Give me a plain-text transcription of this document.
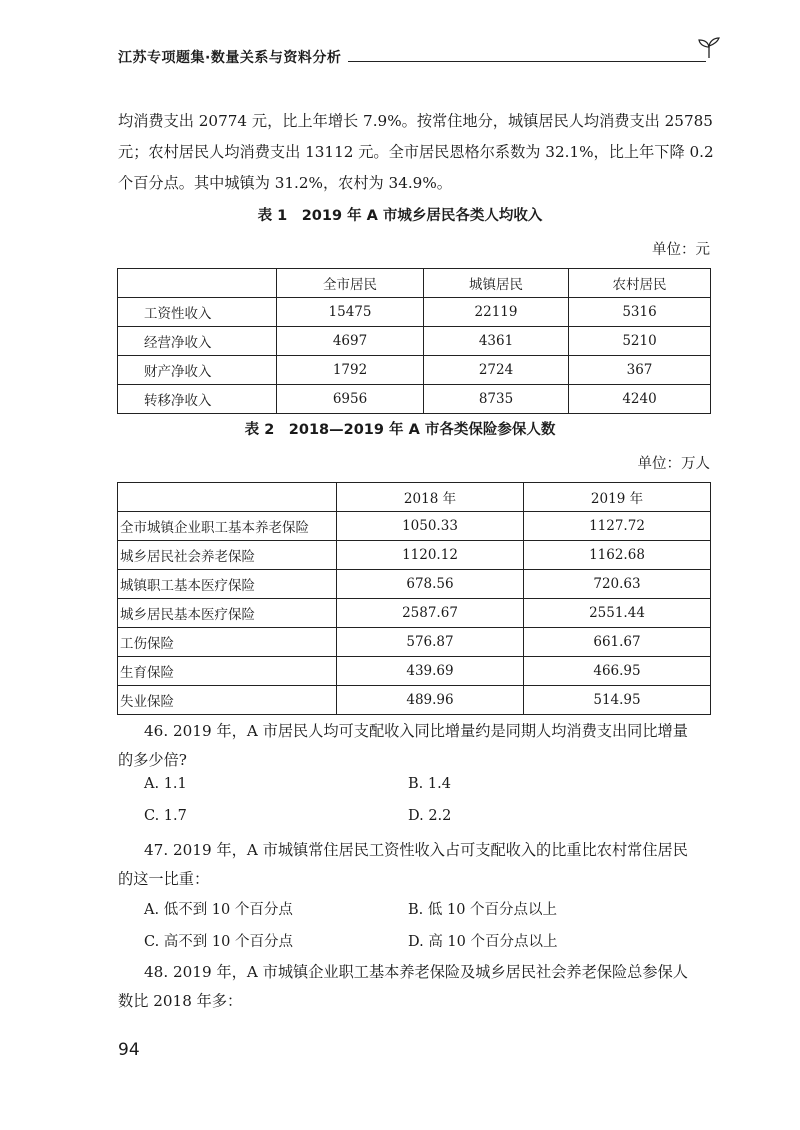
江苏专项题集·数量关系与资料分析

均消费支出 20774 元，比上年增长 7.9%。按常住地分，城镇居民人均消费支出 25785

元；农村居民人均消费支出 13112 元。全市居民恩格尔系数为 32.1%，比上年下降 0.2

个百分点。其中城镇为 31.2%，农村为 34.9%。

表 1　2019 年 A 市城乡居民各类人均收入
单位：元
	全市居民	城镇居民	农村居民
工资性收入	15475	22119	5316
经营净收入	4697	4361	5210
财产净收入	1792	2724	367
转移净收入	6956	8735	4240
表 2　2018—2019 年 A 市各类保险参保人数
单位：万人
	2018 年	2019 年
全市城镇企业职工基本养老保险	1050.33	1127.72
城乡居民社会养老保险	1120.12	1162.68
城镇职工基本医疗保险	678.56	720.63
城乡居民基本医疗保险	2587.67	2551.44
工伤保险	576.87	661.67
生育保险	439.69	466.95
失业保险	489.96	514.95

46. 2019 年，A 市居民人均可支配收入同比增量约是同期人均消费支出同比增量

的多少倍?

A. 1.1	B. 1.4
C. 1.7	D. 2.2

47. 2019 年，A 市城镇常住居民工资性收入占可支配收入的比重比农村常住居民

的这一比重：

A. 低不到 10 个百分点	B. 低 10 个百分点以上
C. 高不到 10 个百分点	D. 高 10 个百分点以上

48. 2019 年，A 市城镇企业职工基本养老保险及城乡居民社会养老保险总参保人

数比 2018 年多：

94
